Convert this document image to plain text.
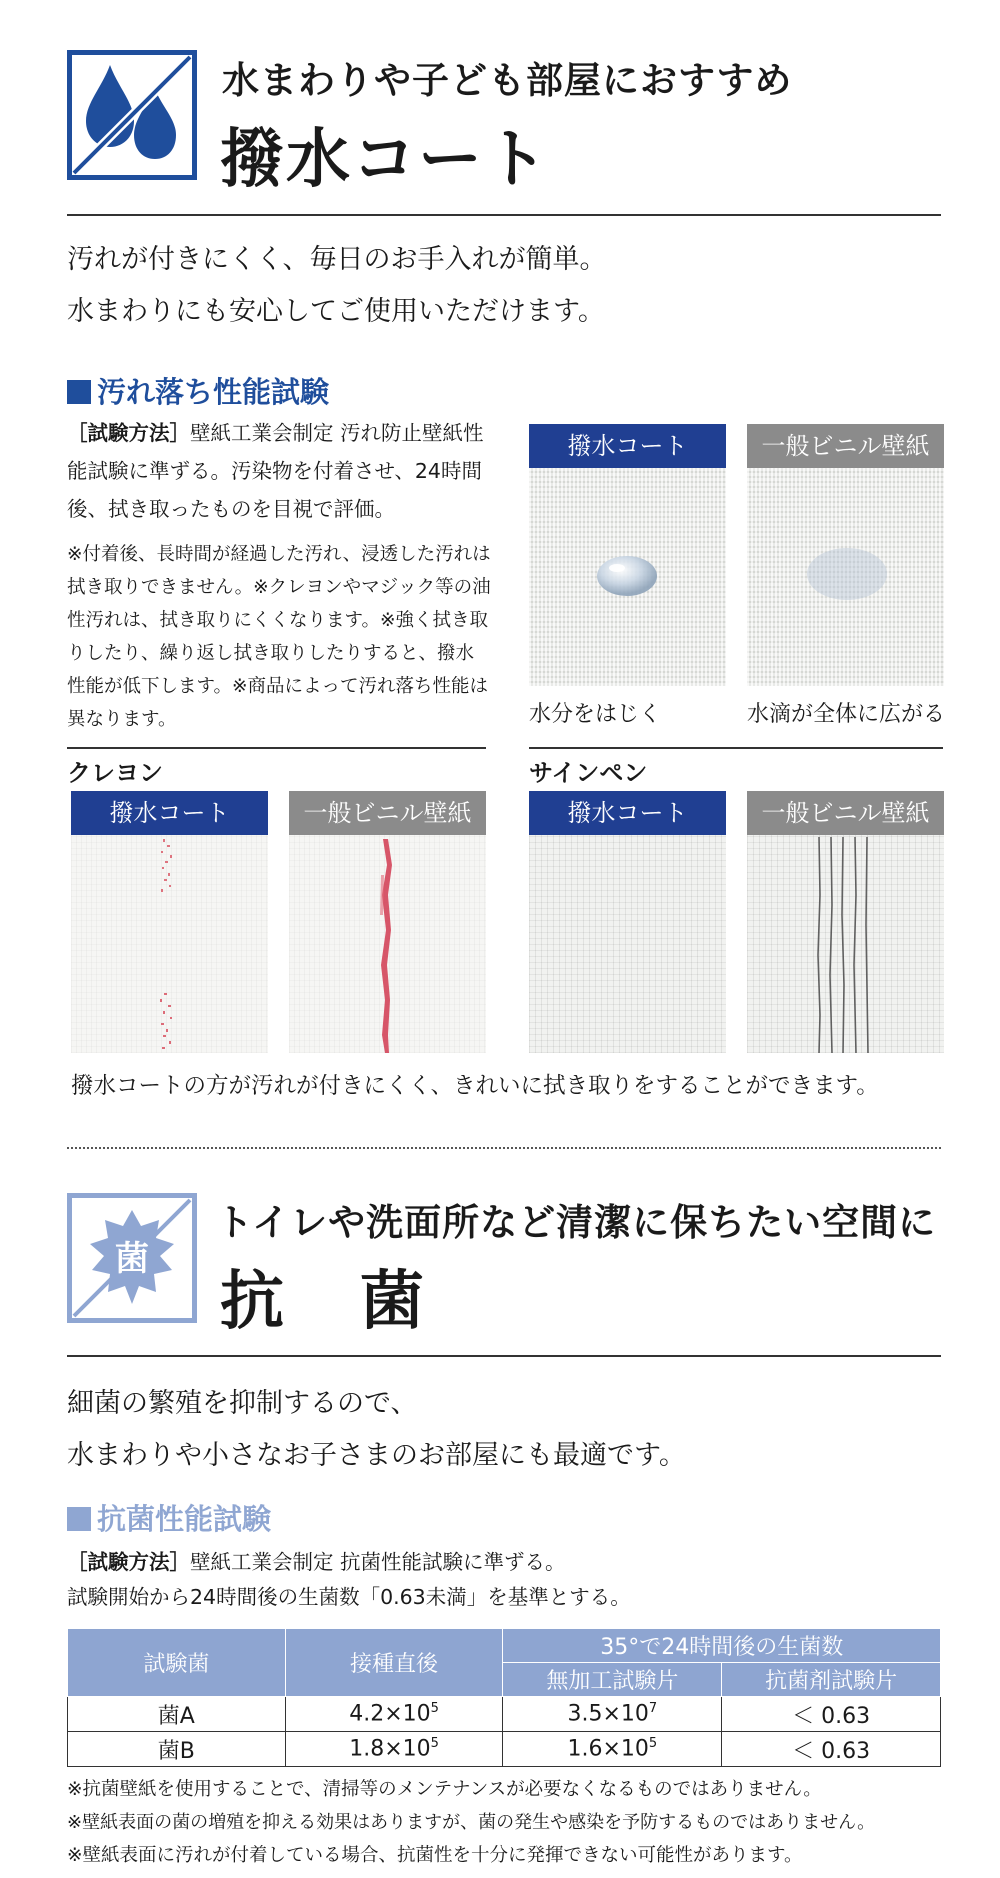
水まわりや子ども部屋におすすめ
撥水コート
汚れが付きにくく、毎日のお手入れが簡単。
水まわりにも安心してご使用いただけます。
汚れ落ち性能試験
［試験方法］壁紙工業会制定 汚れ防止壁紙性能試験に準ずる。汚染物を付着させ、24時間後、拭き取ったものを目視で評価。
※付着後、長時間が経過した汚れ、浸透した汚れは拭き取りできません。※クレヨンやマジック等の油性汚れは、拭き取りにくくなります。※強く拭き取りしたり、繰り返し拭き取りしたりすると、撥水性能が低下します。※商品によって汚れ落ち性能は異なります。
撥水コート	一般ビニル壁紙
水分をはじく	水滴が全体に広がる
クレヨン	サインペン
撥水コート	一般ビニル壁紙	撥水コート	一般ビニル壁紙
撥水コートの方が汚れが付きにくく、きれいに拭き取りをすることができます。
菌
トイレや洗面所など清潔に保ちたい空間に
抗　菌
細菌の繁殖を抑制するので、
水まわりや小さなお子さまのお部屋にも最適です。
抗菌性能試験
［試験方法］壁紙工業会制定 抗菌性能試験に準ずる。
試験開始から24時間後の生菌数「0.63未満」を基準とする。
試験菌	接種直後	35°で24時間後の生菌数	
		無加工試験片	抗菌剤試験片
菌A	$4.2\times 10^5$	$3.5\times 10^7$	＜ 0.63
菌B	$1.8\times 10^5$	$1.6\times 10^5$	＜ 0.63
※抗菌壁紙を使用することで、清掃等のメンテナンスが必要なくなるものではありません。
※壁紙表面の菌の増殖を抑える効果はありますが、菌の発生や感染を予防するものではありません。
※壁紙表面に汚れが付着している場合、抗菌性を十分に発揮できない可能性があります。
